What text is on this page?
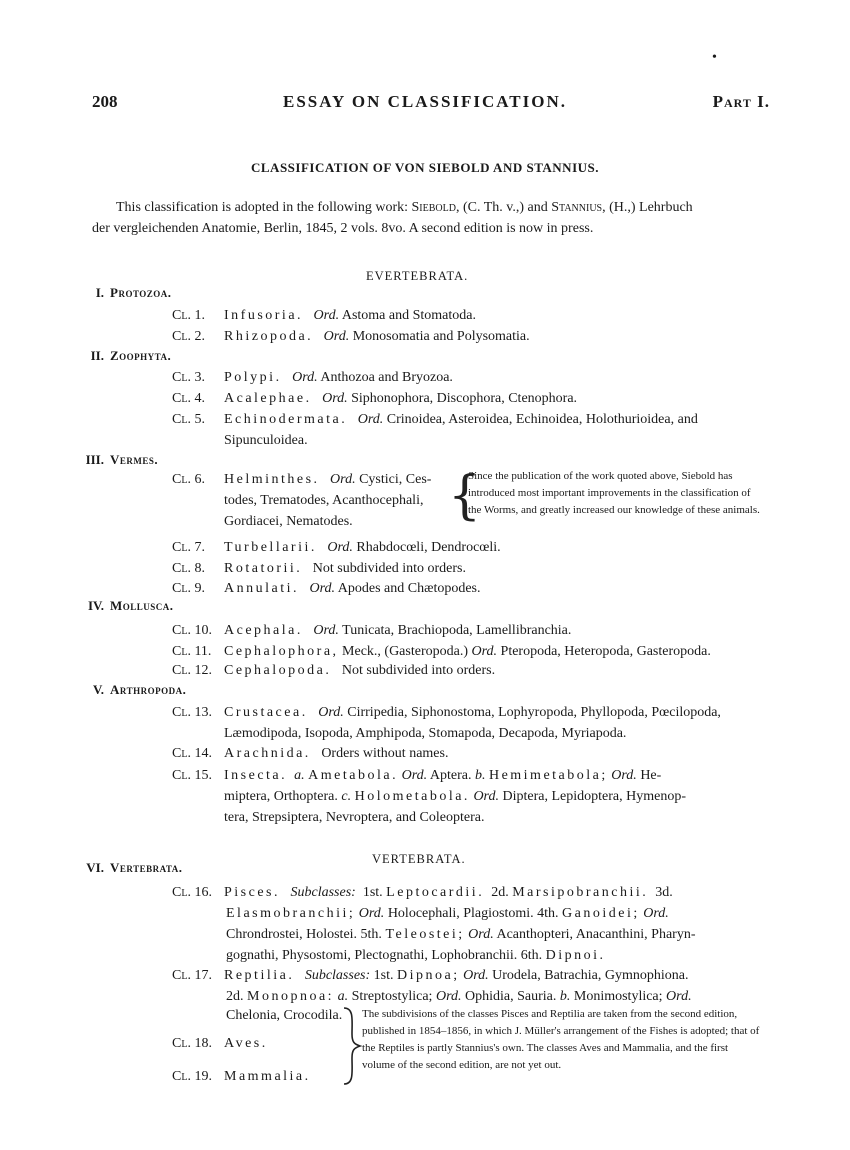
208	ESSAY ON CLASSIFICATION.	Part I.
•
CLASSIFICATION OF VON SIEBOLD AND STANNIUS.
This classification is adopted in the following work: Siebold, (C. Th. v.,) and Stannius, (H.,) Lehrbuch
der vergleichenden Anatomie, Berlin, 1845, 2 vols. 8vo. A second edition is now in press.
EVERTEBRATA.
I. Protozoa.
Cl. 1. Infusoria. Ord. Astoma and Stomatoda.
Cl. 2. Rhizopoda. Ord. Monosomatia and Polysomatia.
II. Zoophyta.
Cl. 3. Polypi. Ord. Anthozoa and Bryozoa.
Cl. 4. Acalephae. Ord. Siphonophora, Discophora, Ctenophora.
Cl. 5. Echinodermata. Ord. Crinoidea, Asteroidea, Echinoidea, Holothurioidea, and
Sipunculoidea.
III. Vermes.
Cl. 6. Helminthes. Ord. Cystici, Ces-
todes, Trematodes, Acanthocephali,
Gordiacei, Nematodes. {
Since the publication of the work quoted above, Siebold has introduced most important improvements in the classification of the Worms, and greatly increased our knowledge of these animals.
Cl. 7. Turbellarii. Ord. Rhabdocœli, Dendrocœli.
Cl. 8. Rotatorii. Not subdivided into orders.
Cl. 9. Annulati. Ord. Apodes and Chætopodes.
IV. Mollusca.
Cl. 10. Acephala. Ord. Tunicata, Brachiopoda, Lamellibranchia.
Cl. 11. Cephalophora, Meck., (Gasteropoda.) Ord. Pteropoda, Heteropoda, Gasteropoda.
Cl. 12. Cephalopoda. Not subdivided into orders.
V. Arthropoda.
Cl. 13. Crustacea. Ord. Cirripedia, Siphonostoma, Lophyropoda, Phyllopoda, Pœcilopoda,
Læmodipoda, Isopoda, Amphipoda, Stomapoda, Decapoda, Myriapoda.
Cl. 14. Arachnida. Orders without names.
Cl. 15. Insecta. a. Ametabola. Ord. Aptera. b. Hemimetabola; Ord. He-
miptera, Orthoptera. c. Holometabola. Ord. Diptera, Lepidoptera, Hymenop-
tera, Strepsiptera, Nevroptera, and Coleoptera.
VERTEBRATA.
VI. Vertebrata.
Cl. 16. Pisces. Subclasses: 1st. Leptocardii. 2d. Marsipobranchii. 3d.
Elasmobranchii; Ord. Holocephali, Plagiostomi. 4th. Ganoidei; Ord.
Chrondrostei, Holostei. 5th. Teleostei; Ord. Acanthopteri, Anacanthini, Pharyn-
gognathi, Physostomi, Plectognathi, Lophobranchii. 6th. Dipnoi.
Cl. 17. Reptilia. Subclasses: 1st. Dipnoa; Ord. Urodela, Batrachia, Gymnophiona.
2d. Monopnoa: a. Streptostylica; Ord. Ophidia, Sauria. b. Monimostylica; Ord.
Chelonia, Crocodila.
Cl. 18. Aves.
Cl. 19. Mammalia.
The subdivisions of the classes Pisces and Reptilia are taken from the second edition, published in 1854–1856, in which J. Müller's arrangement of the Fishes is adopted; that of the Reptiles is partly Stannius's own. The classes Aves and Mammalia, and the first volume of the second edition, are not yet out.
